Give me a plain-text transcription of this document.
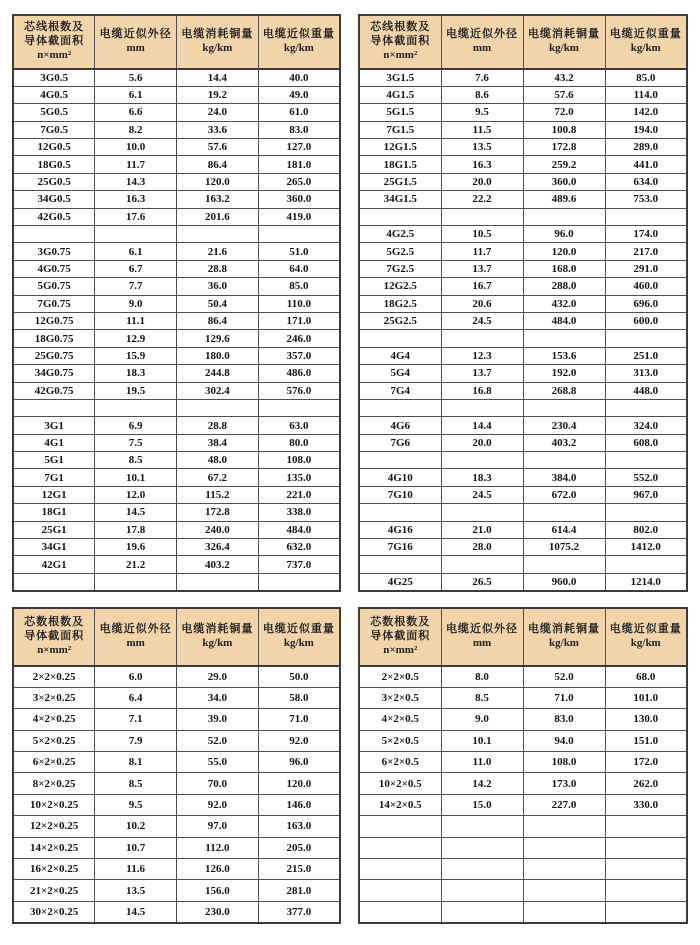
芯线根数及
导体截面积
n×mm²

电缆近似外径
mm

电缆消耗铜量
kg/km

电缆近似重量
kg/km

3G0.5	5.6	14.4	40.0
4G0.5	6.1	19.2	49.0
5G0.5	6.6	24.0	61.0
7G0.5	8.2	33.6	83.0
12G0.5	10.0	57.6	127.0
18G0.5	11.7	86.4	181.0
25G0.5	14.3	120.0	265.0
34G0.5	16.3	163.2	360.0
42G0.5	17.6	201.6	419.0

3G0.75	6.1	21.6	51.0
4G0.75	6.7	28.8	64.0
5G0.75	7.7	36.0	85.0
7G0.75	9.0	50.4	110.0
12G0.75	11.1	86.4	171.0
18G0.75	12.9	129.6	246.0
25G0.75	15.9	180.0	357.0
34G0.75	18.3	244.8	486.0
42G0.75	19.5	302.4	576.0

3G1	6.9	28.8	63.0
4G1	7.5	38.4	80.0
5G1	8.5	48.0	108.0
7G1	10.1	67.2	135.0
12G1	12.0	115.2	221.0
18G1	14.5	172.8	338.0
25G1	17.8	240.0	484.0
34G1	19.6	326.4	632.0
42G1	21.2	403.2	737.0

芯线根数及
导体截面积
n×mm²

电缆近似外径
mm

电缆消耗铜量
kg/km

电缆近似重量
kg/km

3G1.5	7.6	43.2	85.0
4G1.5	8.6	57.6	114.0
5G1.5	9.5	72.0	142.0
7G1.5	11.5	100.8	194.0
12G1.5	13.5	172.8	289.0
18G1.5	16.3	259.2	441.0
25G1.5	20.0	360.0	634.0
34G1.5	22.2	489.6	753.0

4G2.5	10.5	96.0	174.0
5G2.5	11.7	120.0	217.0
7G2.5	13.7	168.0	291.0
12G2.5	16.7	288.0	460.0
18G2.5	20.6	432.0	696.0
25G2.5	24.5	484.0	600.0

4G4	12.3	153.6	251.0
5G4	13.7	192.0	313.0
7G4	16.8	268.8	448.0

4G6	14.4	230.4	324.0
7G6	20.0	403.2	608.0

4G10	18.3	384.0	552.0
7G10	24.5	672.0	967.0

4G16	21.0	614.4	802.0
7G16	28.0	1075.2	1412.0

4G25	26.5	960.0	1214.0
芯数根数及
导体截面积
n×mm²

电缆近似外径
mm

电缆消耗铜量
kg/km

电缆近似重量
kg/km

2×2×0.25	6.0	29.0	50.0
3×2×0.25	6.4	34.0	58.0
4×2×0.25	7.1	39.0	71.0
5×2×0.25	7.9	52.0	92.0
6×2×0.25	8.1	55.0	96.0
8×2×0.25	8.5	70.0	120.0
10×2×0.25	9.5	92.0	146.0
12×2×0.25	10.2	97.0	163.0
14×2×0.25	10.7	112.0	205.0
16×2×0.25	11.6	126.0	215.0
21×2×0.25	13.5	156.0	281.0
30×2×0.25	14.5	230.0	377.0
芯数根数及
导体截面积
n×mm²

电缆近似外径
mm

电缆消耗铜量
kg/km

电缆近似重量
kg/km

2×2×0.5	8.0	52.0	68.0
3×2×0.5	8.5	71.0	101.0
4×2×0.5	9.0	83.0	130.0
5×2×0.5	10.1	94.0	151.0
6×2×0.5	11.0	108.0	172.0
10×2×0.5	14.2	173.0	262.0
14×2×0.5	15.0	227.0	330.0
